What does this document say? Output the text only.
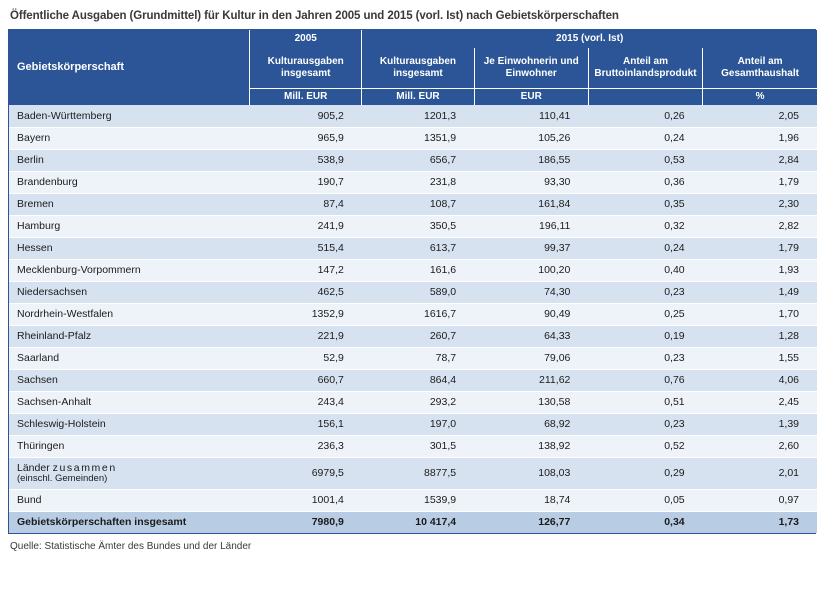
Öffentliche Ausgaben (Grundmittel) für Kultur in den Jahren 2005 und 2015 (vorl. Ist) nach Gebietskörperschaften
Gebietskörperschaft	2005	2015 (vorl. Ist)			
	Kulturausgaben insgesamt	Kulturausgaben insgesamt	Je Einwohnerin und Einwohner	Anteil am Bruttoinlandsprodukt	Anteil am Gesamthaushalt
	Mill. EUR	Mill. EUR	EUR		%
Baden-Württemberg	905,2	1201,3	110,41	0,26	2,05
Bayern	965,9	1351,9	105,26	0,24	1,96
Berlin	538,9	656,7	186,55	0,53	2,84
Brandenburg	190,7	231,8	93,30	0,36	1,79
Bremen	87,4	108,7	161,84	0,35	2,30
Hamburg	241,9	350,5	196,11	0,32	2,82
Hessen	515,4	613,7	99,37	0,24	1,79
Mecklenburg-Vorpommern	147,2	161,6	100,20	0,40	1,93
Niedersachsen	462,5	589,0	74,30	0,23	1,49
Nordrhein-Westfalen	1352,9	1616,7	90,49	0,25	1,70
Rheinland-Pfalz	221,9	260,7	64,33	0,19	1,28
Saarland	52,9	78,7	79,06	0,23	1,55
Sachsen	660,7	864,4	211,62	0,76	4,06
Sachsen-Anhalt	243,4	293,2	130,58	0,51	2,45
Schleswig-Holstein	156,1	197,0	68,92	0,23	1,39
Thüringen	236,3	301,5	138,92	0,52	2,60
Länder zusammen
(einschl. Gemeinden)	6979,5	8877,5	108,03	0,29	2,01
Bund	1001,4	1539,9	18,74	0,05	0,97
Gebietskörperschaften insgesamt	7980,9	10 417,4	126,77	0,34	1,73
Quelle: Statistische Ämter des Bundes und der Länder
